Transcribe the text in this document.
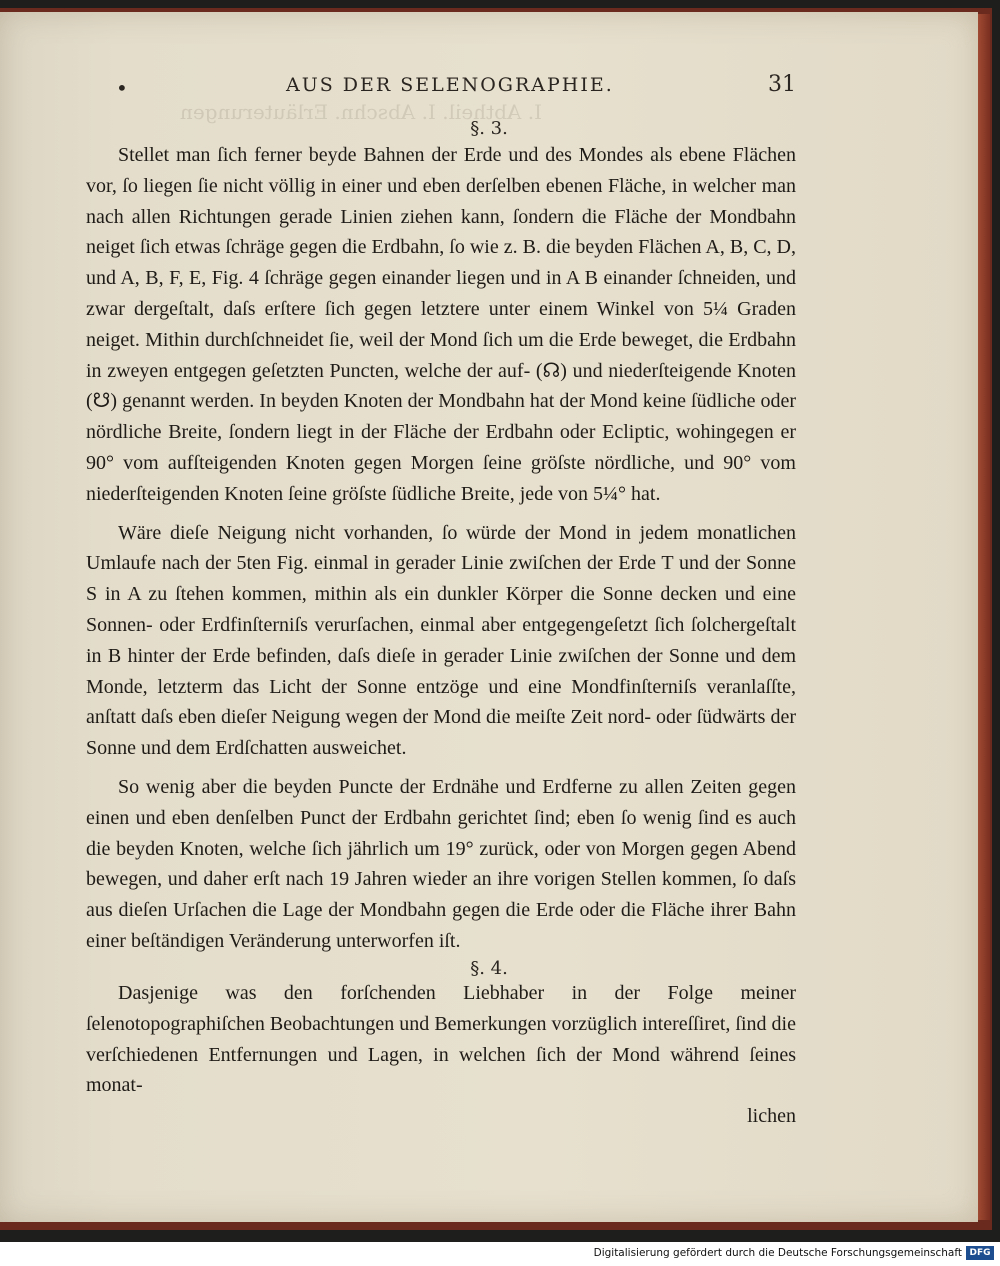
I. Abtheil. I. Abschn. Erläuterungen
•	AUS DER SELENOGRAPHIE.	31
§. 3.

Stellet man ſich ferner beyde Bahnen der Erde und des Mondes als ebene Flächen vor, ſo liegen ſie nicht völlig in einer und eben derſelben ebenen Fläche, in welcher man nach allen Richtungen gerade Linien ziehen kann, ſondern die Fläche der Mondbahn neiget ſich etwas ſchräge gegen die Erdbahn, ſo wie z. B. die beyden Flächen A, B, C, D, und A, B, F, E, Fig. 4 ſchräge gegen einander liegen und in A B einander ſchneiden, und zwar dergeſtalt, daſs erſtere ſich gegen letztere unter einem Winkel von 5¼ Graden neiget. Mithin durchſchneidet ſie, weil der Mond ſich um die Erde beweget, die Erdbahn in zweyen entgegen geſetzten Puncten, welche der auf- (☊) und niederſteigende Knoten (☋) genannt werden. In beyden Knoten der Mondbahn hat der Mond keine ſüdliche oder nördliche Breite, ſondern liegt in der Fläche der Erdbahn oder Ecliptic, wohingegen er 90° vom aufſteigenden Knoten gegen Morgen ſeine gröſste nördliche, und 90° vom niederſteigenden Knoten ſeine gröſste ſüdliche Breite, jede von 5¼° hat.

Wäre dieſe Neigung nicht vorhanden, ſo würde der Mond in jedem monatlichen Umlaufe nach der 5ten Fig. einmal in gerader Linie zwiſchen der Erde T und der Sonne S in A zu ſtehen kommen, mithin als ein dunkler Körper die Sonne decken und eine Sonnen- oder Erdfinſterniſs verurſachen, einmal aber entgegengeſetzt ſich ſolchergeſtalt in B hinter der Erde befinden, daſs dieſe in gerader Linie zwiſchen der Sonne und dem Monde, letzterm das Licht der Sonne entzöge und eine Mondfinſterniſs veranlaſſte, anſtatt daſs eben dieſer Neigung wegen der Mond die meiſte Zeit nord- oder ſüdwärts der Sonne und dem Erdſchatten ausweichet.

So wenig aber die beyden Puncte der Erdnähe und Erdferne zu allen Zeiten gegen einen und eben denſelben Punct der Erdbahn gerichtet ſind; eben ſo wenig ſind es auch die beyden Knoten, welche ſich jährlich um 19° zurück, oder von Morgen gegen Abend bewegen, und daher erſt nach 19 Jahren wieder an ihre vorigen Stellen kommen, ſo daſs aus dieſen Urſachen die Lage der Mondbahn gegen die Erde oder die Fläche ihrer Bahn einer beſtändigen Veränderung unterworfen iſt.

§. 4.

Dasjenige was den forſchenden Liebhaber in der Folge meiner ſelenotopographiſchen Beobachtungen und Bemerkungen vorzüglich intereſſiret, ſind die verſchiedenen Entfernungen und Lagen, in welchen ſich der Mond während ſeines monat-

lichen

Digitalisierung gefördert durch die Deutsche Forschungsgemeinschaft DFG
